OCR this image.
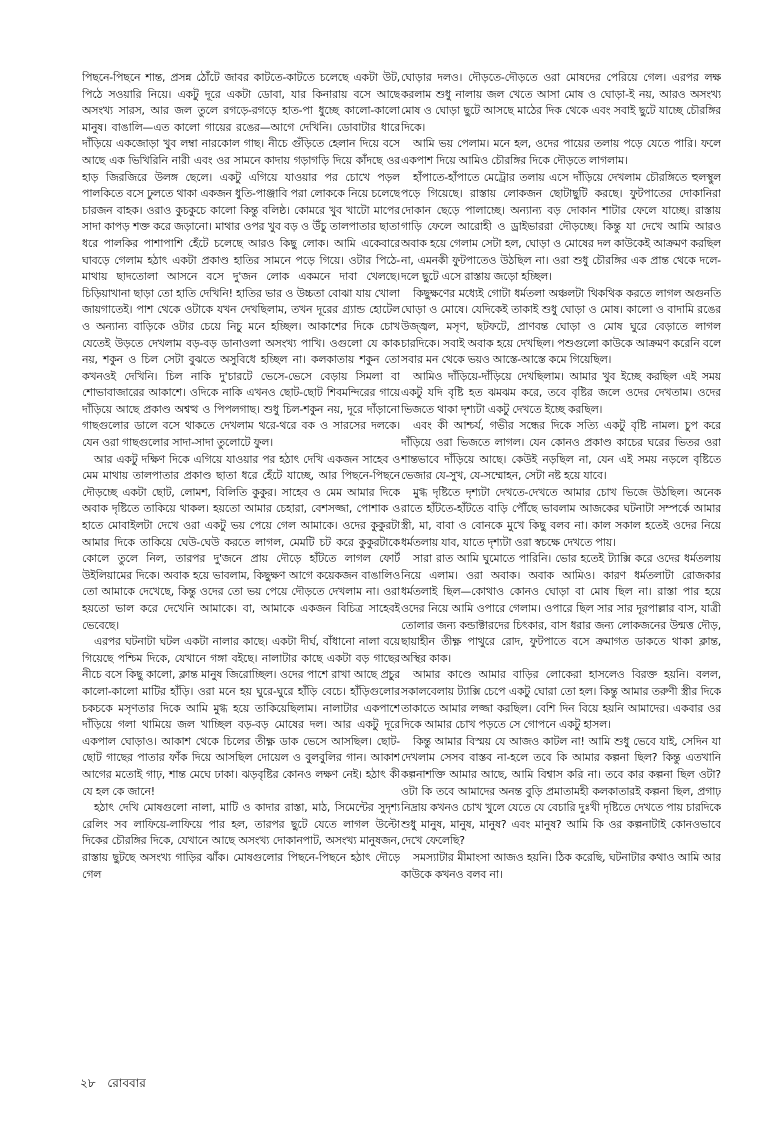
পিছনে-পিছনে শান্ত, প্রসন্ন ঠোঁটে জাবর কাটতে-কাটতে চলেছে একটা উট, পিঠে সওয়ারি নিয়ে। একটু দূরে একটা ডোবা, যার কিনারায় বসে আছে অসংখ্য সারস, আর জল তুলে রগড়ে-রগড়ে হাত-পা ধুচ্ছে কালো-কালো মানুষ। বাঙালি—এত কালো গায়ের রঙের—আগে দেখিনি। ডোবাটার ধারে দাঁড়িয়ে একজোড়া খুব লম্বা নারকোল গাছ। নীচে গুঁড়িতে হেলান দিয়ে বসে আছে এক ভিখিরিনি নারী এবং ওর সামনে কাদায় গড়াগড়ি দিয়ে কাঁদছে ওর হাড় জিরজিরে উলঙ্গ ছেলে। একটু এগিয়ে যাওয়ার পর চোখে পড়ল পালকিতে বসে ঢুলতে থাকা একজন ধুতি-পাঞ্জাবি পরা লোককে নিয়ে চলেছে চারজন বাহক। ওরাও কুচকুচে কালো কিন্তু বলিষ্ঠ। কোমরে খুব খাটো মাপের সাদা কাপড় শক্ত করে জড়ানো। মাথার ওপর খুব বড় ও উঁচু তালপাতার ছাতা ধরে পালকির পাশাপাশি হেঁটে চলেছে আরও কিছু লোক। আমি একেবারে ঘাবড়ে গেলাম হঠাৎ একটা প্রকাণ্ড হাতির সামনে পড়ে গিয়ে। ওটার পিঠে-মাথায় ছাদতোলা আসনে বসে দু'জন লোক একমনে দাবা খেলছে। চিড়িয়াখানা ছাড়া তো হাতি দেখিনি! হাতির ভার ও উচ্চতা বোঝা যায় খোলা জায়গাতেই। পাশ থেকে ওটাকে যখন দেখছিলাম, তখন দূরের গ্র্যান্ড হোটেল ও অন্যান্য বাড়িকে ওটার চেয়ে নিচু মনে হচ্ছিল। আকাশের দিকে চোখ যেতেই উড়তে দেখলাম বড়-বড় ডানাওলা অসংখ্য পাখি। ওগুলো যে কাক নয়, শকুন ও চিল সেটা বুঝতে অসুবিধে হচ্ছিল না। কলকাতায় শকুন তো কখনওই দেখিনি। চিল নাকি দু'চারটে ভেসে-ভেসে বেড়ায় সিমলা বা শোভাবাজারের আকাশে। ওদিকে নাকি এখনও ছোট-ছোট শিবমন্দিরের গায়ে দাঁড়িয়ে আছে প্রকাণ্ড অশ্বত্থ ও পিপলগাছ। শুধু চিল-শকুন নয়, দূরে দাঁড়ানো গাছগুলোর ডালে বসে থাকতে দেখলাম থরে-থরে বক ও সারসের দলকে। যেন ওরা গাছগুলোর সাদা-সাদা তুলোটে ফুল।

আর একটু দক্ষিণ দিকে এগিয়ে যাওয়ার পর হঠাৎ দেখি একজন সাহেব ও মেম মাথায় তালপাতার প্রকাণ্ড ছাতা ধরে হেঁটে যাচ্ছে, আর পিছনে-পিছনে দৌড়চ্ছে একটা ছোট, লোমশ, বিলিতি কুকুর। সাহেব ও মেম আমার দিকে অবাক দৃষ্টিতে তাকিয়ে থাকল। হয়তো আমার চেহারা, বেশসজ্জা, পোশাক ও হাতে মোবাইলটা দেখে ওরা একটু ভয় পেয়ে গেল আমাকে। ওদের কুকুরটা আমার দিকে তাকিয়ে ঘেউ-ঘেউ করতে লাগল, মেমটি চট করে কুকুরটাকে কোলে তুলে নিল, তারপর দু'জনে প্রায় দৌড়ে হাঁটতে লাগল ফোর্ট উইলিয়ামের দিকে। অবাক হয়ে ভাবলাম, কিছুক্ষণ আগে কয়েকজন বাঙালিও তো আমাকে দেখেছে, কিন্তু ওদের তো ভয় পেয়ে দৌড়তে দেখলাম না। ওরা হয়তো ভাল করে দেখেনি আমাকে। বা, আমাকে একজন বিচিত্র সাহেবই ভেবেছে।

এরপর ঘটনাটা ঘটল একটা নালার কাছে। একটা দীর্ঘ, বাঁধানো নালা বয়ে গিয়েছে পশ্চিম দিকে, যেখানে গঙ্গা বইছে। নালাটার কাছে একটা বড় গাছের নীচে বসে কিছু কালো, ক্লান্ত মানুষ জিরোচ্ছিল। ওদের পাশে রাখা আছে প্রচুর কালো-কালো মাটির হাঁড়ি। ওরা মনে হয় ঘুরে-ঘুরে হাঁড়ি বেচে। হাঁড়িগুলোর চকচকে মসৃণতার দিকে আমি মুগ্ধ হয়ে তাকিয়েছিলাম। নালাটার একপাশে দাঁড়িয়ে গলা থামিয়ে জল খাচ্ছিল বড়-বড় মোষের দল। আর একটু দূরে একপাল ঘোড়াও। আকাশ থেকে চিলের তীক্ষ্ণ ডাক ভেসে আসছিল। ছোট-ছোট গাছের পাতার ফাঁক দিয়ে আসছিল দোয়েল ও বুলবুলির গান। আকাশ আগের মতোই গাঢ়, শান্ত মেঘে ঢাকা। ঝড়বৃষ্টির কোনও লক্ষণ নেই। হঠাৎ কী যে হল কে জানে!

হঠাৎ দেখি মোষগুলো নালা, মাটি ও কাদার রাস্তা, মাঠ, সিমেন্টের সুদৃশ্য রেলিং সব লাফিয়ে-লাফিয়ে পার হল, তারপর ছুটে যেতে লাগল উল্টো দিকের চৌরঙ্গির দিকে, যেখানে আছে অসংখ্য দোকানপাট, অসংখ্য মানুষজন, রাস্তায় ছুটছে অসংখ্য গাড়ির ঝাঁক। মোষগুলোর পিছনে-পিছনে হঠাৎ দৌড়ে গেল

ঘোড়ার দলও। দৌড়তে-দৌড়তে ওরা মোষদের পেরিয়ে গেল। এরপর লক্ষ করলাম শুধু নালায় জল খেতে আসা মোষ ও ঘোড়া-ই নয়, আরও অসংখ্য মোষ ও ঘোড়া ছুটে আসছে মাঠের দিক থেকে এবং সবাই ছুটে যাচ্ছে চৌরঙ্গির দিকে।

আমি ভয় পেলাম। মনে হল, ওদের পায়ের তলায় পড়ে যেতে পারি। ফলে একপাশ দিয়ে আমিও চৌরঙ্গির দিকে দৌড়তে লাগলাম।

হাঁপাতে-হাঁপাতে মেট্রোর তলায় এসে দাঁড়িয়ে দেখলাম চৌরঙ্গিতে হুলস্থুল পড়ে গিয়েছে। রাস্তায় লোকজন ছোটাছুটি করছে। ফুটপাতের দোকানিরা দোকান ছেড়ে পালাচ্ছে। অন্যান্য বড় দোকান শাটার ফেলে যাচ্ছে। রাস্তায় গাড়ি ফেলে আরোহী ও ড্রাইভাররা দৌড়চ্ছে। কিন্তু যা দেখে আমি আরও অবাক হয়ে গেলাম সেটা হল, ঘোড়া ও মোষের দল কাউকেই আক্রমণ করছিল না, এমনকী ফুটপাতেও উঠছিল না। ওরা শুধু চৌরঙ্গির এক প্রান্ত থেকে দলে-দলে ছুটে এসে রাস্তায় জড়ো হচ্ছিল।

কিছুক্ষণের মধ্যেই গোটা ধর্মতলা অঞ্চলটা থিকথিক করতে লাগল অগুনতি ঘোড়া ও মোষে। যেদিকেই তাকাই শুধু ঘোড়া ও মোষ। কালো ও বাদামি রঙের উজ্জ্বল, মসৃণ, ছটফটে, প্রাণবন্ত ঘোড়া ও মোষ ঘুরে বেড়াতে লাগল চারদিকে। সবাই অবাক হয়ে দেখছিল। পশুগুলো কাউকে আক্রমণ করেনি বলে সবার মন থেকে ভয়ও আস্তে-আস্তে কমে গিয়েছিল।

আমিও দাঁড়িয়ে-দাঁড়িয়ে দেখছিলাম। আমার খুব ইচ্ছে করছিল এই সময় একটু যদি বৃষ্টি হত ঝমঝম করে, তবে বৃষ্টির জলে ওদের দেখতাম। ওদের ভিজতে থাকা দৃশ্যটা একটু দেখতে ইচ্ছে করছিল।

এবং কী আশ্চর্য, গভীর সন্ধের দিকে সত্যি একটু বৃষ্টি নামল। চুপ করে দাঁড়িয়ে ওরা ভিজতে লাগল। যেন কোনও প্রকাণ্ড কাচের ঘরের ভিতর ওরা শান্তভাবে দাঁড়িয়ে আছে। কেউই নড়ছিল না, যেন এই সময় নড়লে বৃষ্টিতে ভেজার যে-সুখ, যে-সম্মোহন, সেটা নষ্ট হয়ে যাবে।

মুগ্ধ দৃষ্টিতে দৃশ্যটা দেখতে-দেখতে আমার চোখ ভিজে উঠছিল। অনেক রাতে হাঁটতে-হাঁটতে বাড়ি পৌঁছে ভাবলাম আজকের ঘটনাটা সম্পর্কে আমার স্ত্রী, মা, বাবা ও বোনকে মুখে কিছু বলব না। কাল সকাল হতেই ওদের নিয়ে ধর্মতলায় যাব, যাতে দৃশ্যটা ওরা স্বচক্ষে দেখতে পায়।

সারা রাত আমি ঘুমোতে পারিনি। ভোর হতেই ট্যাক্সি করে ওদের ধর্মতলায় নিয়ে এলাম। ওরা অবাক। অবাক আমিও। কারণ ধর্মতলাটা রোজকার ধর্মতলাই ছিল—কোথাও কোনও ঘোড়া বা মোষ ছিল না। রাস্তা পার হয়ে ওদের নিয়ে আমি ওপারে গেলাম। ওপারে ছিল সার সার দূরপাল্লার বাস, যাত্রী তোলার জন্য কন্ডাক্টারদের চিৎকার, বাস ধরার জন্য লোকজনের উন্মত্ত দৌড়, ছায়াহীন তীক্ষ্ণ পাথুরে রোদ, ফুটপাতে বসে ক্রমাগত ডাকতে থাকা ক্লান্ত, অস্থির কাক।

আমার কাণ্ডে আমার বাড়ির লোকেরা হাসলেও বিরক্ত হয়নি। বলল, সকালবেলায় ট্যাক্সি চেপে একটু ঘোরা তো হল। কিন্তু আমার তরুণী স্ত্রীর দিকে তাকাতে আমার লজ্জা করছিল। বেশি দিন বিয়ে হয়নি আমাদের। একবার ওর দিকে আমার চোখ পড়তে সে গোপনে একটু হাসল।

কিন্তু আমার বিস্ময় যে আজও কাটল না! আমি শুধু ভেবে যাই, সেদিন যা দেখলাম সেসব বাস্তব না-হলে তবে কি আমার কল্পনা ছিল? কিন্তু এতখানি কল্পনাশক্তি আমার আছে, আমি বিশ্বাস করি না। তবে কার কল্পনা ছিল ওটা? ওটা কি তবে আমাদের অনন্ত বুড়ি প্রমাতামহী কলকাতারই কল্পনা ছিল, প্রগাঢ় নিদ্রায় কখনও চোখ খুলে যেতে যে বেচারি দুঃখী দৃষ্টিতে দেখতে পায় চারদিকে শুধু মানুষ, মানুষ, মানুষ? এবং মানুষ? আমি কি ওর কল্পনাটাই কোনওভাবে দেখে ফেলেছি?

সমস্যাটার মীমাংসা আজও হয়নি। ঠিক করেছি, ঘটনাটার কথাও আমি আর কাউকে কখনও বলব না।

২৮ রোববার
